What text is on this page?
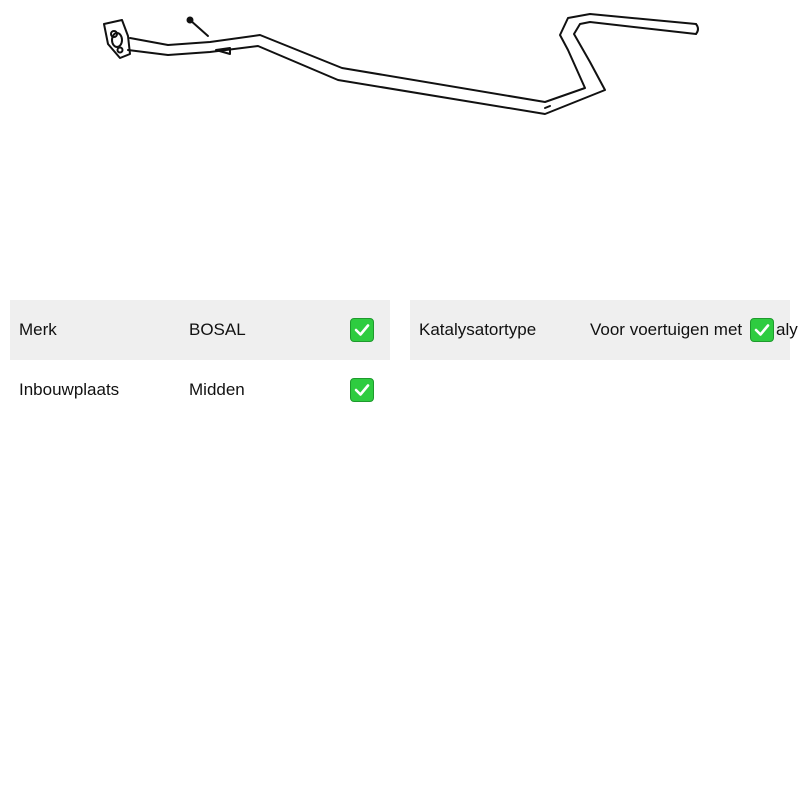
Merk	BOSAL
Inbouwplaats	Midden
Katalysatortype	Voor voertuigen met aly
